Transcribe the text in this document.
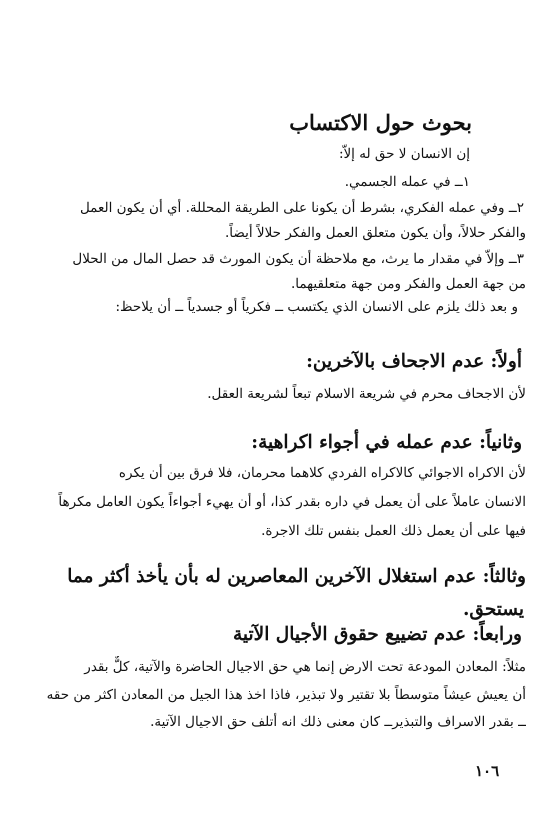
بحوث حول الاكتساب
إن الانسان لا حق له إلاّ:
١ــ في عمله الجسمي.
٢ــ وفي عمله الفكري، بشرط أن يكونا على الطريقة المحللة. أي أن يكون العمل
والفكر حلالاً، وأن يكون متعلق العمل والفكر حلالاً أيضاً.
٣ــ وإلاّ في مقدار ما يرث، مع ملاحظة أن يكون المورث قد حصل المال من الحلال
من جهة العمل والفكر ومن جهة متعلقيهما.
و بعد ذلك يلزم على الانسان الذي يكتسب ــ فكرياً أو جسدياً ــ أن يلاحظ:
أولاً: عدم الاجحاف بالآخرين:
لأن الاجحاف محرم في شريعة الاسلام تبعاً لشريعة العقل.
وثانياً: عدم عمله في أجواء اكراهية:
لأن الاكراه الاجوائي كالاكراه الفردي كلاهما محرمان، فلا فرق بين أن يكره
الانسان عاملاً على أن يعمل في داره بقدر كذا، أو أن يهيء أجواءاً يكون العامل مكرهاً
فيها على أن يعمل ذلك العمل بنفس تلك الاجرة.
وثالثاً: عدم استغلال الآخرين المعاصرين له بأن يأخذ أكثر مما
يستحق.
ورابعاً: عدم تضييع حقوق الأجيال الآتية
مثلاً: المعادن المودعة تحت الارض إنما هي حق الاجيال الحاضرة والآتية، كلٌّ بقدر
أن يعيش عيشاً متوسطاً بلا تقتير ولا تبذير، فاذا اخذ هذا الجيل من المعادن اكثر من حقه
ــ بقدر الاسراف والتبذيرــ كان معنى ذلك انه أتلف حق الاجيال الآتية.
١٠٦
